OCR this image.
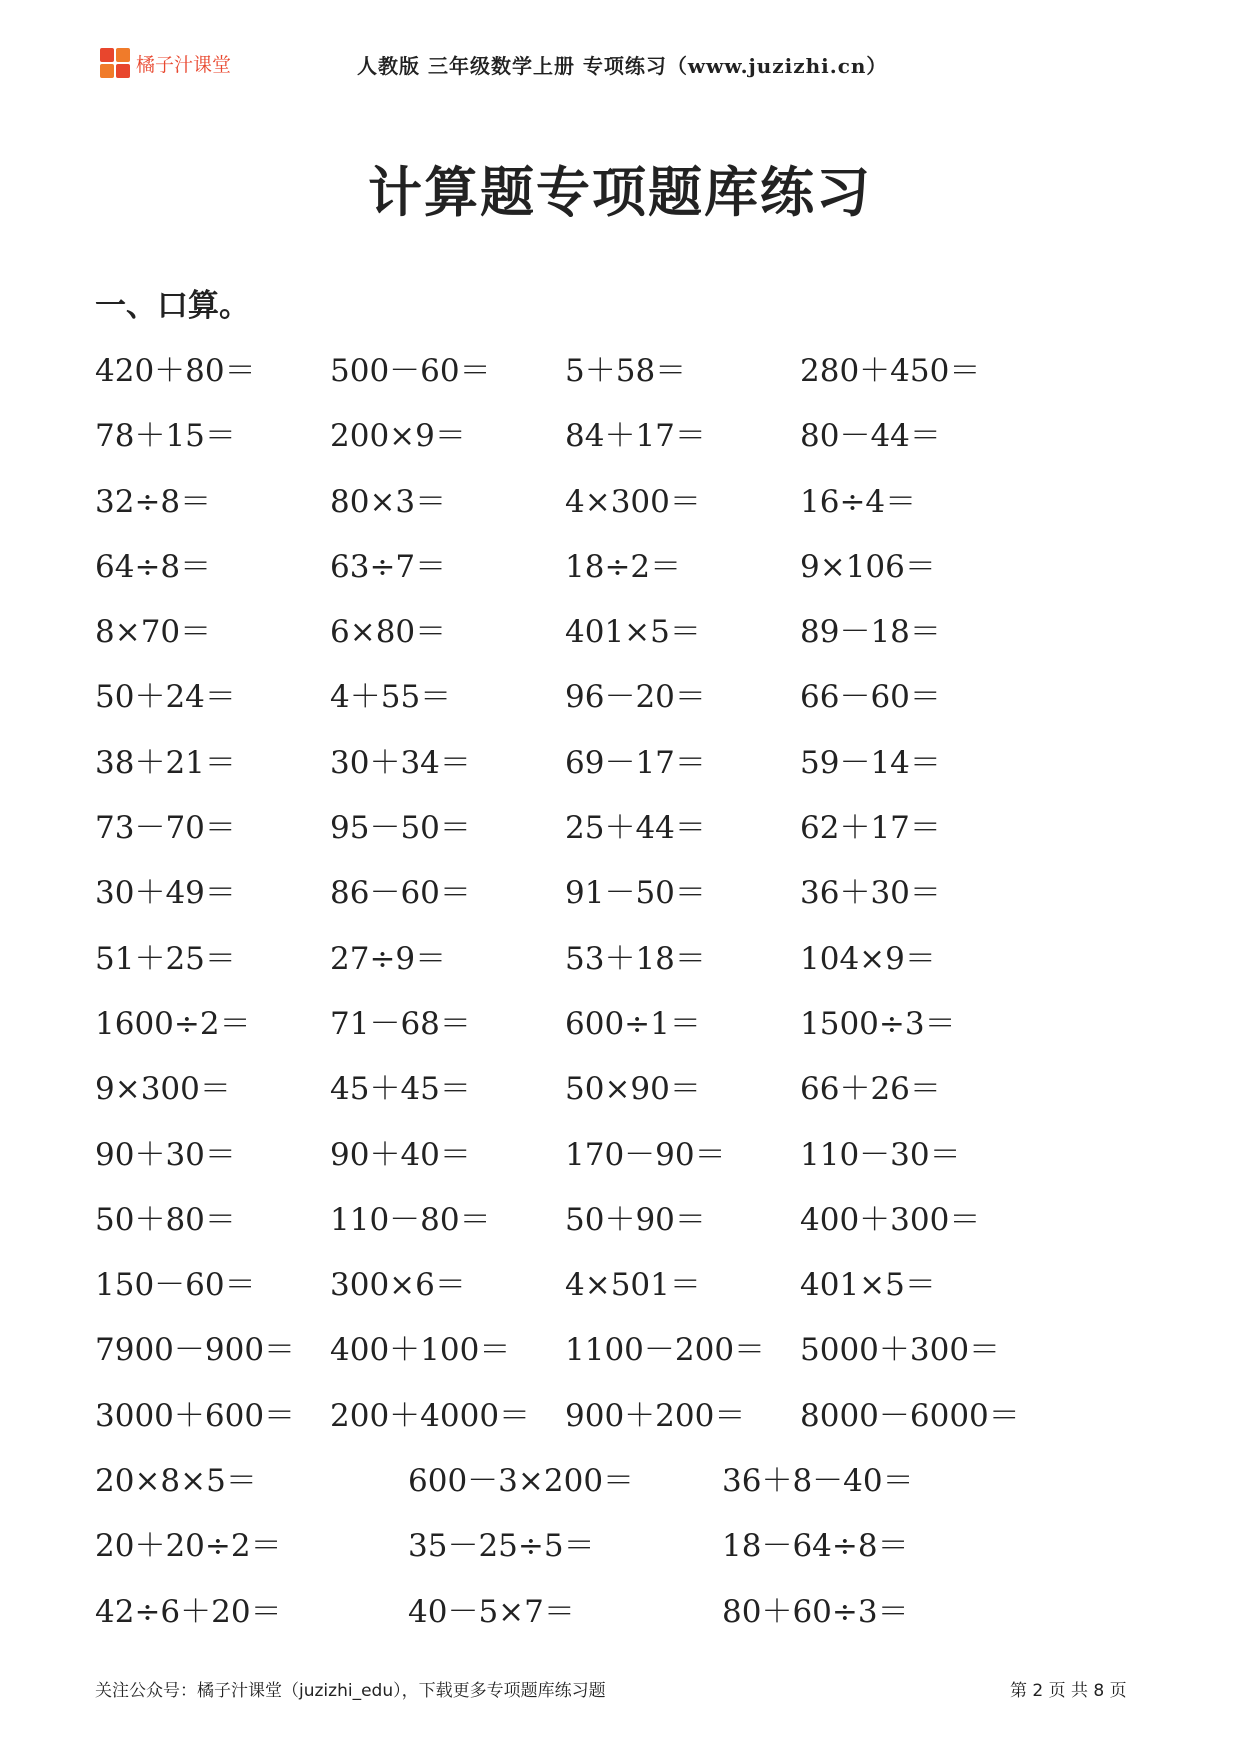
橘子汁课堂	人教版 三年级数学上册 专项练习（www.juzizhi.cn）
计算题专项题库练习
一、口算。
420＋80＝ 500－60＝ 5＋58＝	280＋450＝
78＋15＝	200×9＝	84＋17＝	80－44＝
32÷8＝	80×3＝	4×300＝	16÷4＝
64÷8＝	63÷7＝	18÷2＝	9×106＝
8×70＝	6×80＝	401×5＝	89－18＝
50＋24＝	4＋55＝	96－20＝	66－60＝
38＋21＝	30＋34＝	69－17＝	59－14＝
73－70＝	95－50＝	25＋44＝	62＋17＝
30＋49＝	86－60＝	91－50＝	36＋30＝
51＋25＝	27÷9＝	53＋18＝	104×9＝
1600÷2＝	71－68＝	600÷1＝	1500÷3＝
9×300＝	45＋45＝	50×90＝	66＋26＝
90＋30＝	90＋40＝	170－90＝ 110－30＝
50＋80＝	110－80＝ 50＋90＝	400＋300＝
150－60＝ 300×6＝	4×501＝	401×5＝
7900－900＝ 400＋100＝ 1100－200＝ 5000＋300＝
3000＋600＝ 200＋4000＝ 900＋200＝ 8000－6000＝
20×8×5＝	600－3×200＝	36＋8－40＝
20＋20÷2＝	35－25÷5＝	18－64÷8＝
42÷6＋20＝	40－5×7＝	80＋60÷3＝
关注公众号：橘子汁课堂（juzizhi_edu），下载更多专项题库练习题	第 2 页 共 8 页
